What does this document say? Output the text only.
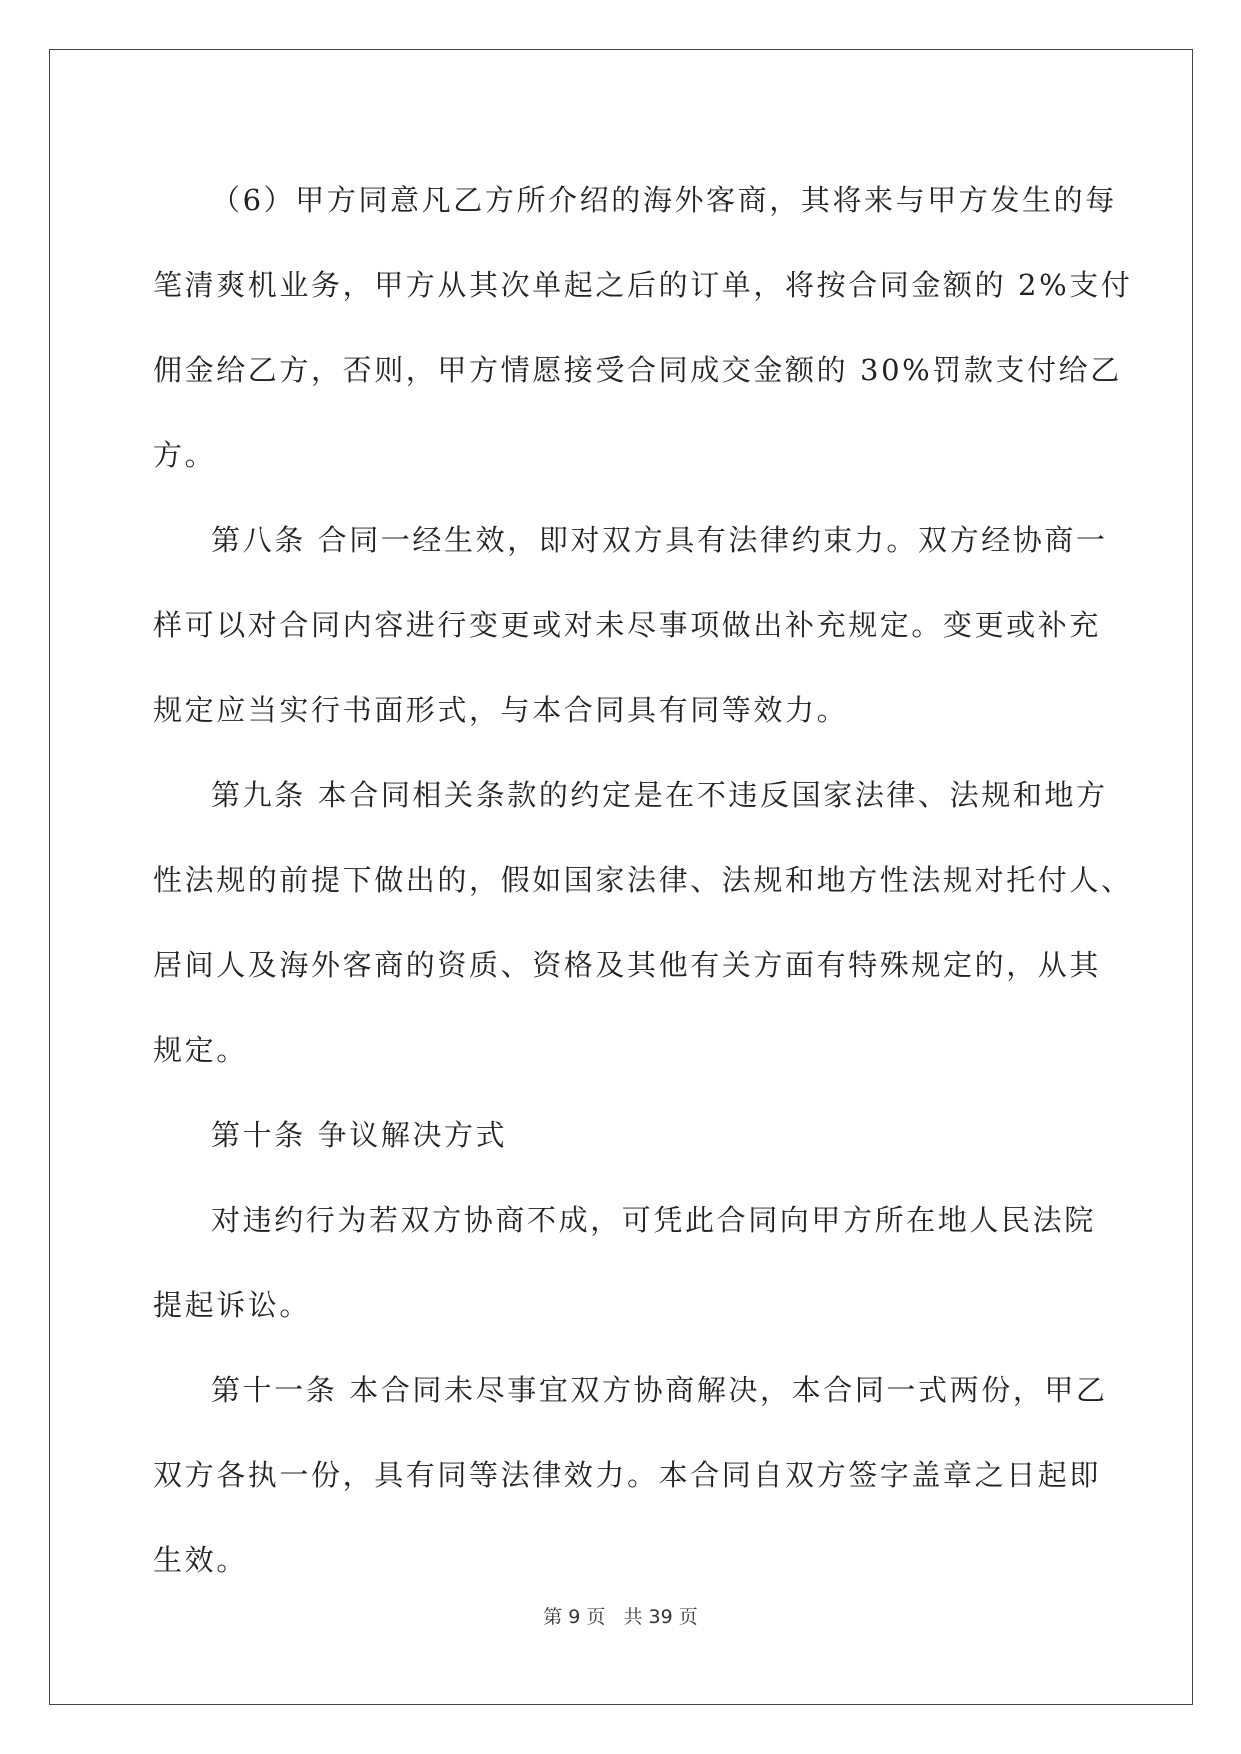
（6）甲方同意凡乙方所介绍的海外客商，其将来与甲方发生的每
笔清爽机业务，甲方从其次单起之后的订单，将按合同金额的 2%支付
佣金给乙方，否则，甲方情愿接受合同成交金额的 30%罚款支付给乙
方。
第八条 合同一经生效，即对双方具有法律约束力。双方经协商一
样可以对合同内容进行变更或对未尽事项做出补充规定。变更或补充
规定应当实行书面形式，与本合同具有同等效力。
第九条 本合同相关条款的约定是在不违反国家法律、法规和地方
性法规的前提下做出的，假如国家法律、法规和地方性法规对托付人、
居间人及海外客商的资质、资格及其他有关方面有特殊规定的，从其
规定。
第十条 争议解决方式
对违约行为若双方协商不成，可凭此合同向甲方所在地人民法院
提起诉讼。
第十一条 本合同未尽事宜双方协商解决，本合同一式两份，甲乙
双方各执一份，具有同等法律效力。本合同自双方签字盖章之日起即
生效。
第 9 页 共 39 页
